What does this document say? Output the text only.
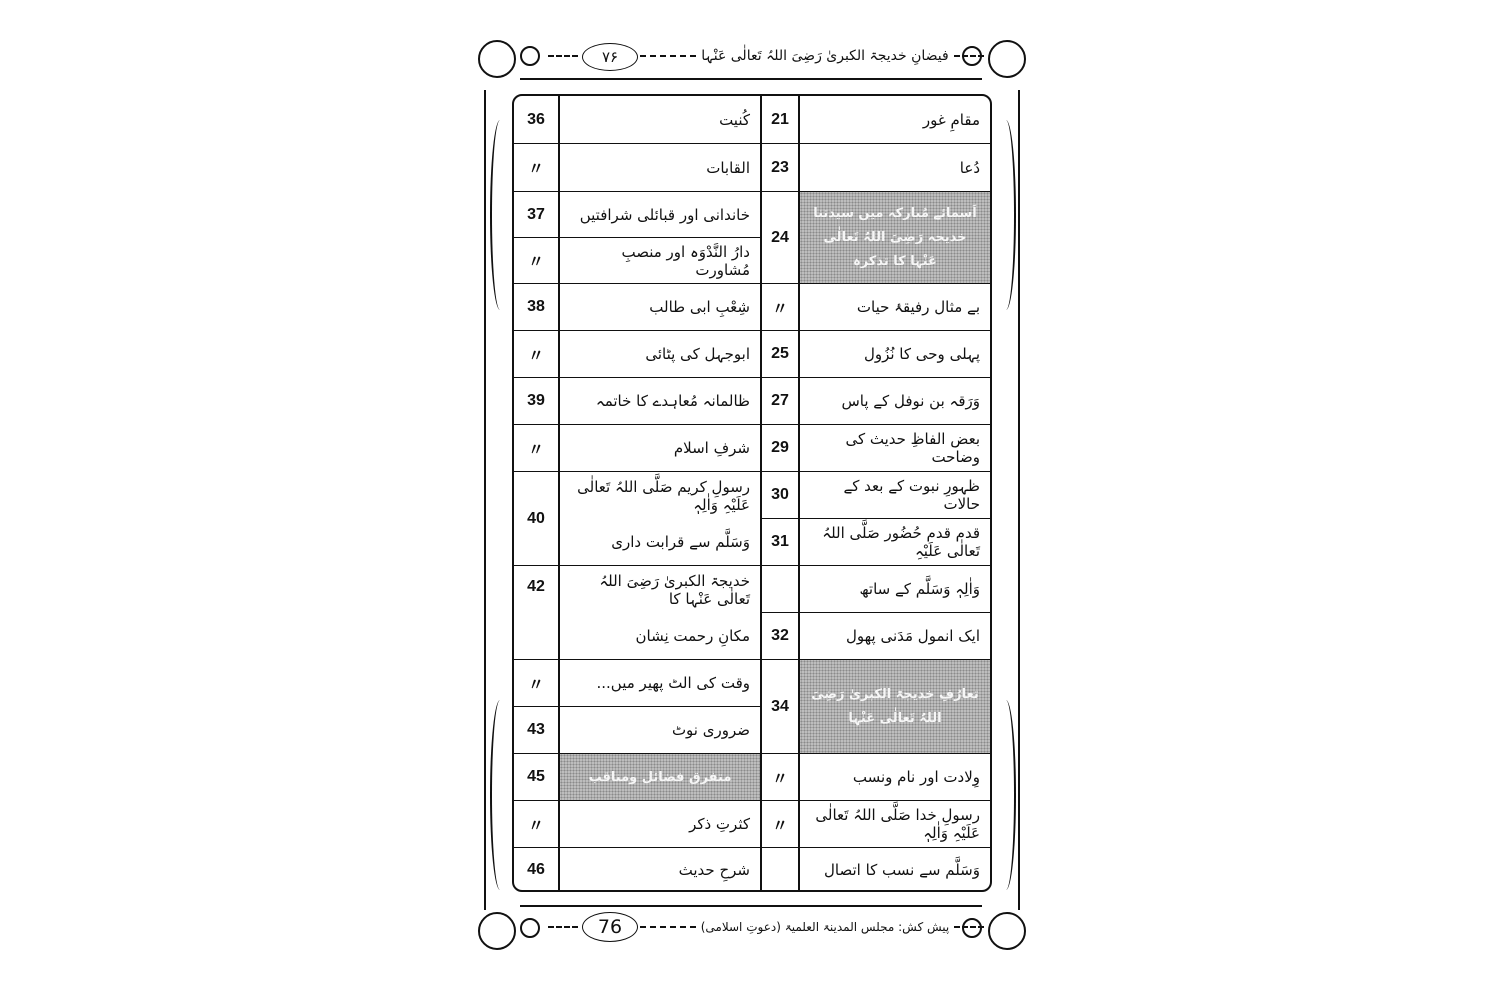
فیضانِ خدیجۃ الکبریٰ رَضِیَ اللہُ تَعالٰی عَنْہا
۷۶
مقامِ غور
دُعا
اَسمائے مُبارکہ میں سیدتنا خدیجہ رَضِیَ اللہُ تَعالٰی عَنْہا کا تذکرہ
بے مثال رفیقۂ حیات
پہلی وحی کا نُزُول
وَرَقہ بن نوفل کے پاس
بعض الفاظِ حدیث کی وضاحت
ظہورِ نبوت کے بعد کے حالات
قدم قدم حُضُور صَلَّی اللہُ تَعالٰی عَلَیْہِ
وَاٰلِہٖ وَسَلَّم کے ساتھ
ایک انمول مَدَنی پھول
تعارُفِ خدیجۃ الکبریٰ رَضِیَ اللہُ تَعالٰی عَنْہا
وِلادت اور نام ونسب
رسولِ خدا صَلَّی اللہُ تَعالٰی عَلَیْہِ وَاٰلِہٖ
وَسَلَّم سے نسب کا اتصال
21
23
24
〃
25
27
29
30
31
32
34
〃
〃
کُنیت
القابات
خاندانی اور قبائلی شرافتیں
دارُ النَّدْوَہ اور منصبِ مُشاورت
شِعْبِ ابی طالب
ابوجہل کی پٹائی
ظالمانہ مُعاہدے کا خاتمہ
شرفِ اسلام
رسولِ کریم صَلَّی اللہُ تَعالٰی عَلَیْہِ وَاٰلِہٖ
وَسَلَّم سے قرابت داری
خدیجۃ الکبریٰ رَضِیَ اللہُ تَعالٰی عَنْہا کا
مکانِ رحمت نِشان
وقت کی الٹ پھیر میں...
ضروری نوٹ
متفرق فضائل ومناقب
کثرتِ ذکر
شرحِ حدیث
36
〃
37
〃
38
〃
39
〃
40
42
〃
43
45
〃
46
76	پیش کش: مجلس المدینۃ العلمیۃ (دعوتِ اسلامی)
